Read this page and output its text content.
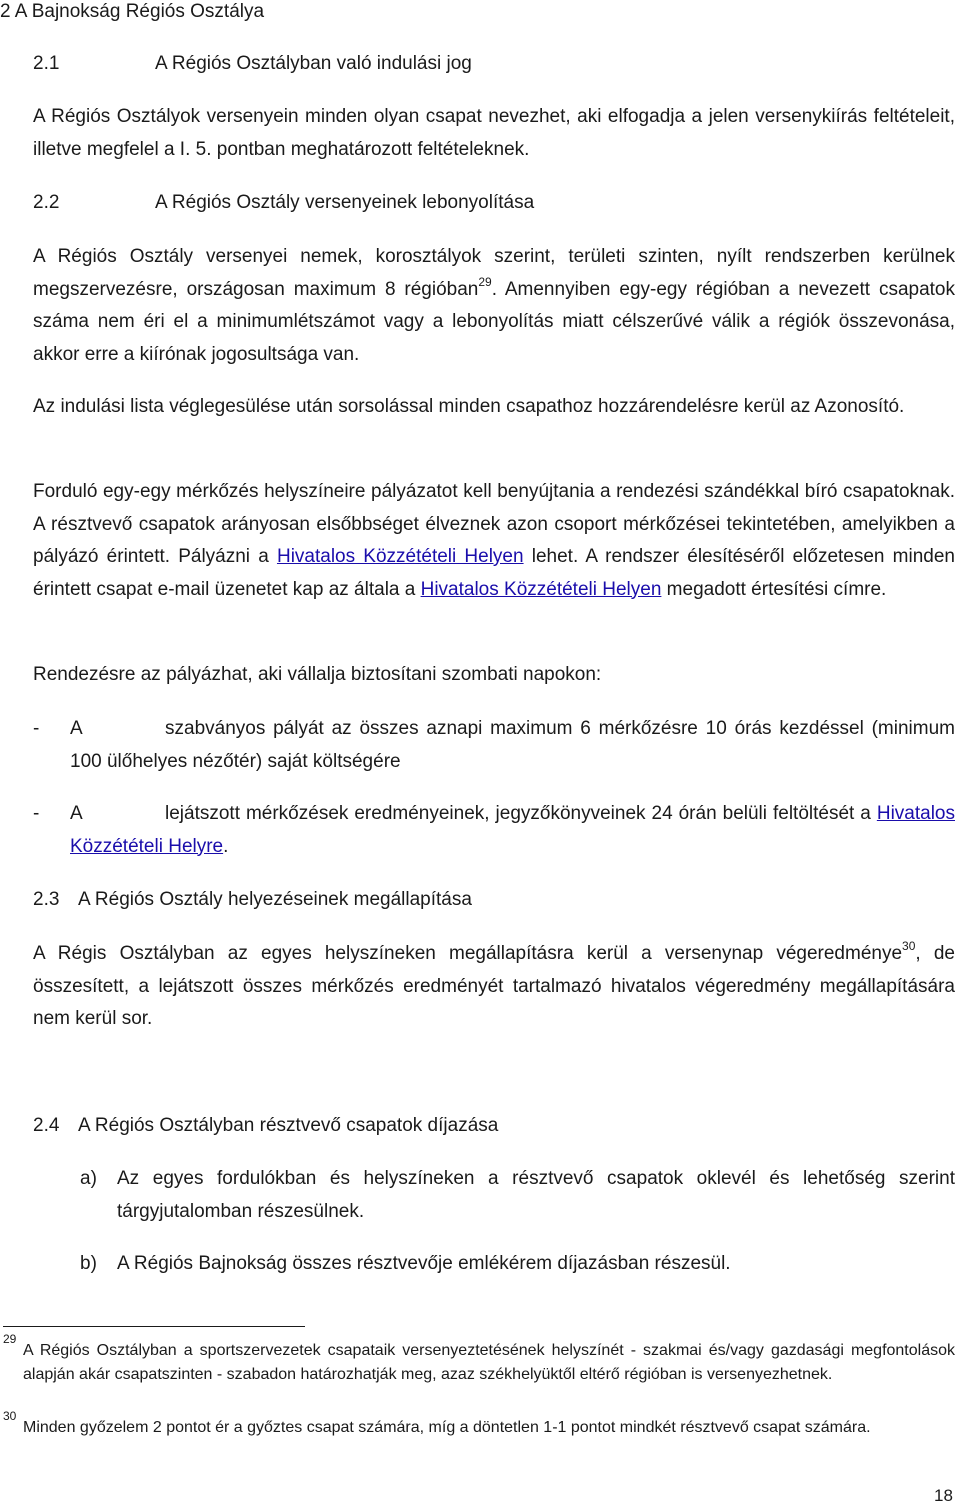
2 A Bajnokság Régiós Osztálya
2.1	A Régiós Osztályban való indulási jog

A Régiós Osztályok versenyein minden olyan csapat nevezhet, aki elfogadja a jelen versenykiírás feltételeit, illetve megfelel a I. 5. pontban meghatározott feltételeknek.

2.2	A Régiós Osztály versenyeinek lebonyolítása

A Régiós Osztály versenyei nemek, korosztályok szerint, területi szinten, nyílt rendszerben kerülnek megszervezésre, országosan maximum 8 régióban$^{29}$. Amennyiben egy-egy régióban a nevezett csapatok száma nem éri el a minimumlétszámot vagy a lebonyolítás miatt célszerűvé válik a régiók összevonása, akkor erre a kiírónak jogosultsága van.

Az indulási lista véglegesülése után sorsolással minden csapathoz hozzárendelésre kerül az Azonosító.

Forduló egy-egy mérkőzés helyszíneire pályázatot kell benyújtania a rendezési szándékkal bíró csapatoknak. A résztvevő csapatok arányosan elsőbbséget élveznek azon csoport mérkőzései tekintetében, amelyikben a pályázó érintett. Pályázni a Hivatalos Közzétételi Helyen lehet. A rendszer élesítéséről előzetesen minden érintett csapat e-mail üzenetet kap az általa a Hivatalos Közzétételi Helyen megadott értesítési címre.

Rendezésre az pályázhat, aki vállalja biztosítani szombati napokon:

- A	szabványos pályát az összes aznapi maximum 6 mérkőzésre 10 órás kezdéssel (minimum 100 ülőhelyes nézőtér) saját költségére
- A	lejátszott mérkőzések eredményeinek, jegyzőkönyveinek 24 órán belüli feltöltését a Hivatalos Közzétételi Helyre.
2.3 A Régiós Osztály helyezéseinek megállapítása

A Régis Osztályban az egyes helyszíneken megállapításra kerül a versenynap végeredménye$^{30}$, de összesített, a lejátszott összes mérkőzés eredményét tartalmazó hivatalos végeredmény megállapítására nem kerül sor.

2.4 A Régiós Osztályban résztvevő csapatok díjazása
a) Az egyes fordulókban és helyszíneken a résztvevő csapatok oklevél és lehetőség szerint tárgyjutalomban részesülnek.
b) A Régiós Bajnokság összes résztvevője emlékérem díjazásban részesül.
29
A Régiós Osztályban a sportszervezetek csapataik versenyeztetésének helyszínét - szakmai és/vagy gazdasági megfontolások alapján akár csapatszinten - szabadon határozhatják meg, azaz székhelyüktől eltérő régióban is versenyezhetnek.
30
Minden győzelem 2 pontot ér a győztes csapat számára, míg a döntetlen 1-1 pontot mindkét résztvevő csapat számára.
18
